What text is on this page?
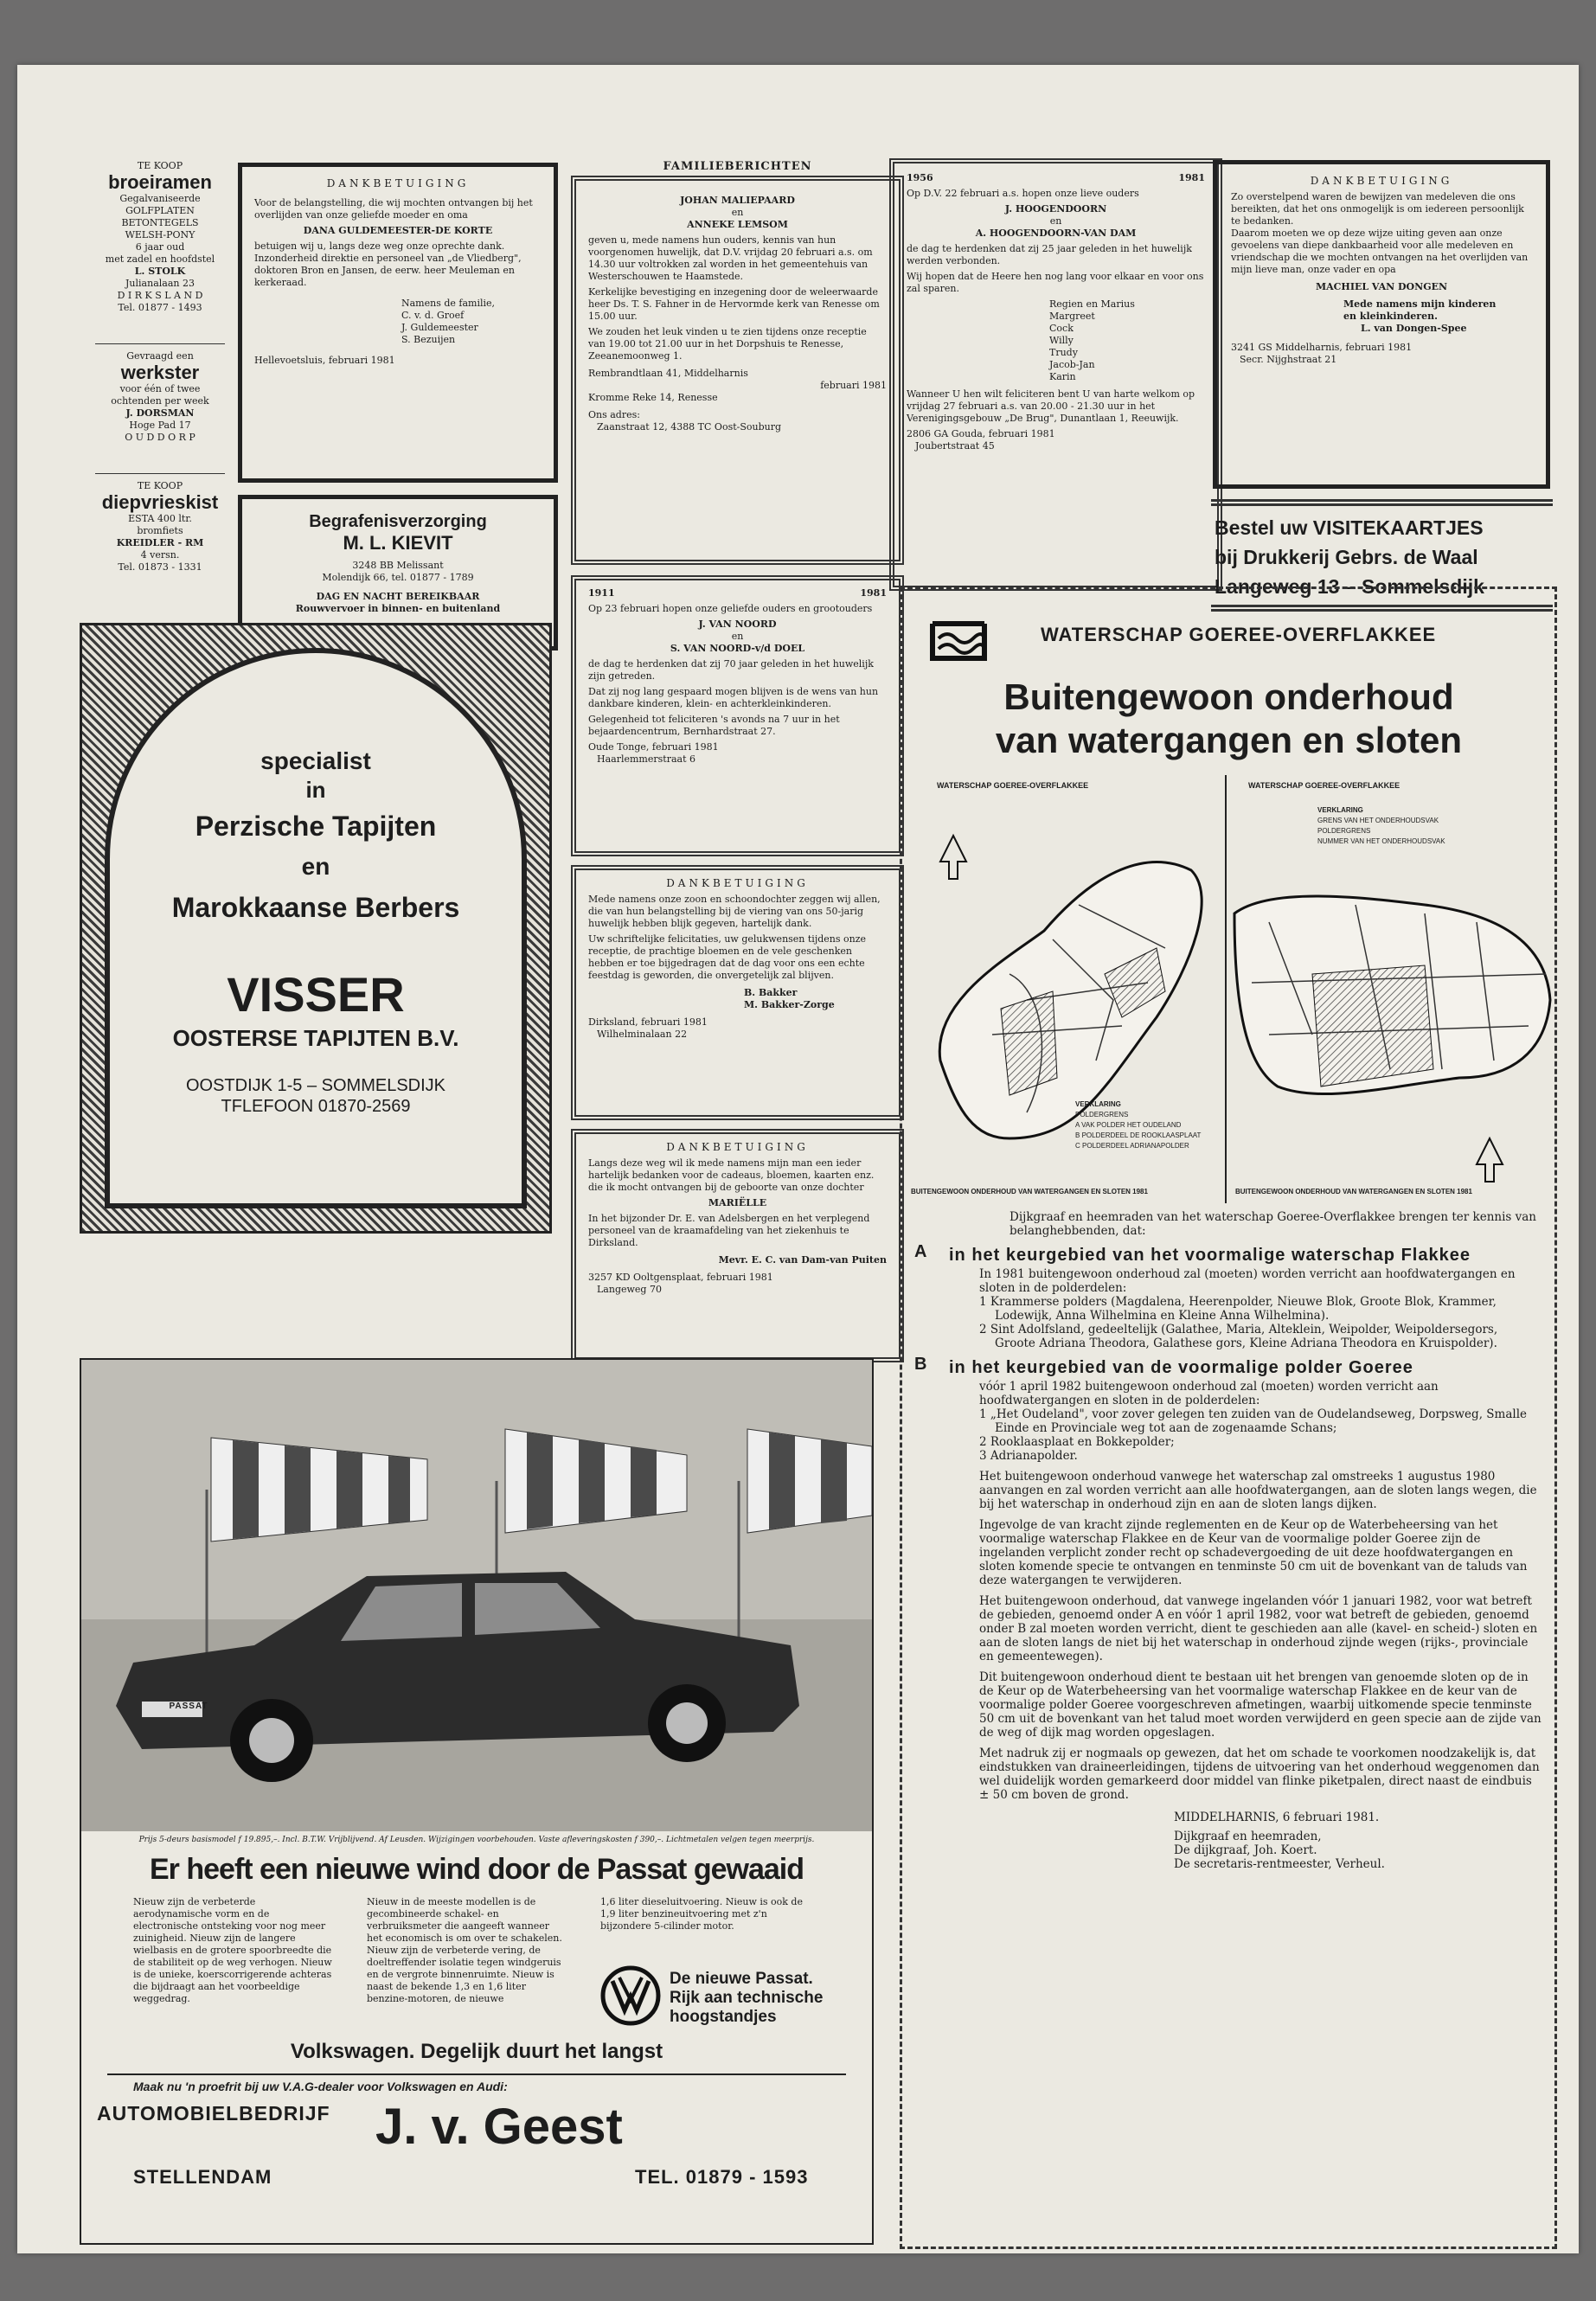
TE KOOP

broeiramen

Gegalvaniseerde

GOLFPLATEN

BETONTEGELS

WELSH-PONY

6 jaar oud

met zadel en hoofdstel

L. STOLK

Julianalaan 23

D I R K S L A N D

Tel. 01877 - 1493

Gevraagd een

werkster

voor één of twee

ochtenden per week

J. DORSMAN

Hoge Pad 17

O U D D O R P

TE KOOP

diepvrieskist

ESTA 400 ltr.

bromfiets

KREIDLER - RM

4 versn.

Tel. 01873 - 1331

DANKBETUIGING

Voor de belangstelling, die wij mochten ontvangen bij het overlijden van onze geliefde moeder en oma

DANA GULDEMEESTER-DE KORTE

betuigen wij u, langs deze weg onze oprechte dank.

Inzonderheid direktie en personeel van „de Vliedberg", doktoren Bron en Jansen, de eerw. heer Meuleman en kerkeraad.

Namens de familie,

C. v. d. Groef

J. Guldemeester

S. Bezuijen

Hellevoetsluis, februari 1981

Begrafenisverzorging

M. L. KIEVIT

3248 BB Melissant

Molendijk 66, tel. 01877 - 1789

DAG EN NACHT BEREIKBAAR

Rouwvervoer in binnen- en buitenland

specialist

in

Perzische Tapijten

en

Marokkaanse Berbers

VISSER

OOSTERSE TAPIJTEN B.V.

OOSTDIJK 1-5 – SOMMELSDIJK

TFLEFOON 01870-2569

FAMILIEBERICHTEN

JOHAN MALIEPAARD

en

ANNEKE LEMSOM

geven u, mede namens hun ouders, kennis van hun voorgenomen huwelijk, dat D.V. vrijdag 20 februari a.s. om 14.30 uur voltrokken zal worden in het gemeentehuis van Westerschouwen te Haamstede.

Kerkelijke bevestiging en inzegening door de weleerwaarde heer Ds. T. S. Fahner in de Hervormde kerk van Renesse om 15.00 uur.

We zouden het leuk vinden u te zien tijdens onze receptie van 19.00 tot 21.00 uur in het Dorpshuis te Renesse, Zeeanemoonweg 1.

Rembrandtlaan 41, Middelharnis

februari 1981

Kromme Reke 14, Renesse

Ons adres:

Zaanstraat 12, 4388 TC Oost-Souburg

1911	1981

Op 23 februari hopen onze geliefde ouders en grootouders

J. VAN NOORD

en

S. VAN NOORD-v/d DOEL

de dag te herdenken dat zij 70 jaar geleden in het huwelijk zijn getreden.

Dat zij nog lang gespaard mogen blijven is de wens van hun dankbare kinderen, klein- en achterkleinkinderen.

Gelegenheid tot feliciteren 's avonds na 7 uur in het bejaardencentrum, Bernhardstraat 27.

Oude Tonge, februari 1981

Haarlemmerstraat 6

DANKBETUIGING

Mede namens onze zoon en schoondochter zeggen wij allen, die van hun belangstelling bij de viering van ons 50-jarig huwelijk hebben blijk gegeven, hartelijk dank.

Uw schriftelijke felicitaties, uw gelukwensen tijdens onze receptie, de prachtige bloemen en de vele geschenken hebben er toe bijgedragen dat de dag voor ons een echte feestdag is geworden, die onvergetelijk zal blijven.

B. Bakker

M. Bakker-Zorge

Dirksland, februari 1981

Wilhelminalaan 22

DANKBETUIGING

Langs deze weg wil ik mede namens mijn man een ieder hartelijk bedanken voor de cadeaus, bloemen, kaarten enz. die ik mocht ontvangen bij de geboorte van onze dochter

MARIËLLE

In het bijzonder Dr. E. van Adelsbergen en het verplegend personeel van de kraamafdeling van het ziekenhuis te Dirksland.

Mevr. E. C. van Dam-van Puiten

3257 KD Ooltgensplaat, februari 1981

Langeweg 70

1956	1981

Op D.V. 22 februari a.s. hopen onze lieve ouders

J. HOOGENDOORN

en

A. HOOGENDOORN-VAN DAM

de dag te herdenken dat zij 25 jaar geleden in het huwelijk werden verbonden.

Wij hopen dat de Heere hen nog lang voor elkaar en voor ons zal sparen.

Regien en Marius

Margreet

Cock

Willy

Trudy

Jacob-Jan

Karin

Wanneer U hen wilt feliciteren bent U van harte welkom op vrijdag 27 februari a.s. van 20.00 - 21.30 uur in het Verenigingsgebouw „De Brug", Dunantlaan 1, Reeuwijk.

2806 GA Gouda, februari 1981

Joubertstraat 45

DANKBETUIGING

Zo overstelpend waren de bewijzen van medeleven die ons bereikten, dat het ons onmogelijk is om iedereen persoonlijk te bedanken.

Daarom moeten we op deze wijze uiting geven aan onze gevoelens van diepe dankbaarheid voor alle medeleven en vriendschap die we mochten ontvangen na het overlijden van mijn lieve man, onze vader en opa

MACHIEL VAN DONGEN

Mede namens mijn kinderen

en kleinkinderen.

L. van Dongen-Spee

3241 GS Middelharnis, februari 1981

Secr. Nijghstraat 21

Bestel uw VISITEKAARTJES

bij Drukkerij Gebrs. de Waal

Langeweg 13 – Sommelsdijk

PASSAT

Prijs 5-deurs basismodel f 19.895,–. Incl. B.T.W. Vrijblijvend. Af Leusden. Wijzigingen voorbehouden. Vaste afleveringskosten f 390,–. Lichtmetalen velgen tegen meerprijs.

Er heeft een nieuwe wind door de Passat gewaaid

Nieuw zijn de verbeterde aerodynamische vorm en de electronische ontsteking voor nog meer zuinigheid. Nieuw zijn de langere wielbasis en de grotere spoorbreedte die de stabiliteit op de weg verhogen. Nieuw is de unieke, koerscorrigerende achteras die bijdraagt aan het voorbeeldige weggedrag.

Nieuw in de meeste modellen is de gecombineerde schakel- en verbruiksmeter die aangeeft wanneer het economisch is om over te schakelen. Nieuw zijn de verbeterde vering, de doeltreffender isolatie tegen windgeruis en de vergrote binnenruimte. Nieuw is naast de bekende 1,3 en 1,6 liter benzine-motoren, de nieuwe

1,6 liter dieseluitvoering. Nieuw is ook de 1,9 liter benzineuitvoering met z'n bijzondere 5-cilinder motor.

De nieuwe Passat.

Rijk aan technische

hoogstandjes

Volkswagen. Degelijk duurt het langst

Maak nu 'n proefrit bij uw V.A.G-dealer voor Volkswagen en Audi:

AUTOMOBIELBEDRIJF J. v. Geest

STELLENDAM	TEL. 01879 - 1593

WATERSCHAP GOEREE-OVERFLAKKEE

Buitengewoon onderhoud

van watergangen en sloten

WATERSCHAP GOEREE-OVERFLAKKEE	WATERSCHAP GOEREE-OVERFLAKKEE

VERKLARING

GRENS VAN HET ONDERHOUDSVAK

POLDERGRENS

NUMMER VAN HET ONDERHOUDSVAK

VERKLARING

POLDERGRENS

A VAK POLDER HET OUDELAND

B POLDERDEEL DE ROOKLAASPLAAT

C POLDERDEEL ADRIANAPOLDER

BUITENGEWOON ONDERHOUD VAN WATERGANGEN EN SLOTEN 1981	BUITENGEWOON ONDERHOUD VAN WATERGANGEN EN SLOTEN 1981

Dijkgraaf en heemraden van het waterschap Goeree-Overflakkee brengen ter kennis van belanghebbenden, dat:

A	in het keurgebied van het voormalige waterschap Flakkee

In 1981 buitengewoon onderhoud zal (moeten) worden verricht aan hoofdwatergangen en sloten in de polderdelen:

1 Krammerse polders (Magdalena, Heerenpolder, Nieuwe Blok, Groote Blok, Krammer, Lodewijk, Anna Wilhelmina en Kleine Anna Wilhelmina).

2 Sint Adolfsland, gedeeltelijk (Galathee, Maria, Alteklein, Weipolder, Weipoldersegors, Groote Adriana Theodora, Galathese gors, Kleine Adriana Theodora en Kruispolder).

B	in het keurgebied van de voormalige polder Goeree

vóór 1 april 1982 buitengewoon onderhoud zal (moeten) worden verricht aan hoofdwatergangen en sloten in de polderdelen:

1 „Het Oudeland", voor zover gelegen ten zuiden van de Oudelandseweg, Dorpsweg, Smalle Einde en Provinciale weg tot aan de zogenaamde Schans;

2 Rooklaasplaat en Bokkepolder;

3 Adrianapolder.

Het buitengewoon onderhoud vanwege het waterschap zal omstreeks 1 augustus 1980 aanvangen en zal worden verricht aan alle hoofdwatergangen, aan de sloten langs wegen, die bij het waterschap in onderhoud zijn en aan de sloten langs dijken.

Ingevolge de van kracht zijnde reglementen en de Keur op de Waterbeheersing van het voormalige waterschap Flakkee en de Keur van de voormalige polder Goeree zijn de ingelanden verplicht zonder recht op schadevergoeding de uit deze hoofdwatergangen en sloten komende specie te ontvangen en tenminste 50 cm uit de bovenkant van de taluds van deze watergangen te verwijderen.

Het buitengewoon onderhoud, dat vanwege ingelanden vóór 1 januari 1982, voor wat betreft de gebieden, genoemd onder A en vóór 1 april 1982, voor wat betreft de gebieden, genoemd onder B zal moeten worden verricht, dient te geschieden aan alle (kavel- en scheid-) sloten en aan de sloten langs de niet bij het waterschap in onderhoud zijnde wegen (rijks-, provinciale en gemeentewegen).

Dit buitengewoon onderhoud dient te bestaan uit het brengen van genoemde sloten op de in de Keur op de Waterbeheersing van het voormalige waterschap Flakkee en de keur van de voormalige polder Goeree voorgeschreven afmetingen, waarbij uitkomende specie tenminste 50 cm uit de bovenkant van het talud moet worden verwijderd en geen specie aan de zijde van de weg of dijk mag worden opgeslagen.

Met nadruk zij er nogmaals op gewezen, dat het om schade te voorkomen noodzakelijk is, dat eindstukken van draineerleidingen, tijdens de uitvoering van het onderhoud weggenomen dan wel duidelijk worden gemarkeerd door middel van flinke piketpalen, direct naast de eindbuis ± 50 cm boven de grond.

MIDDELHARNIS, 6 februari 1981.

Dijkgraaf en heemraden,

De dijkgraaf, Joh. Koert.

De secretaris-rentmeester, Verheul.
